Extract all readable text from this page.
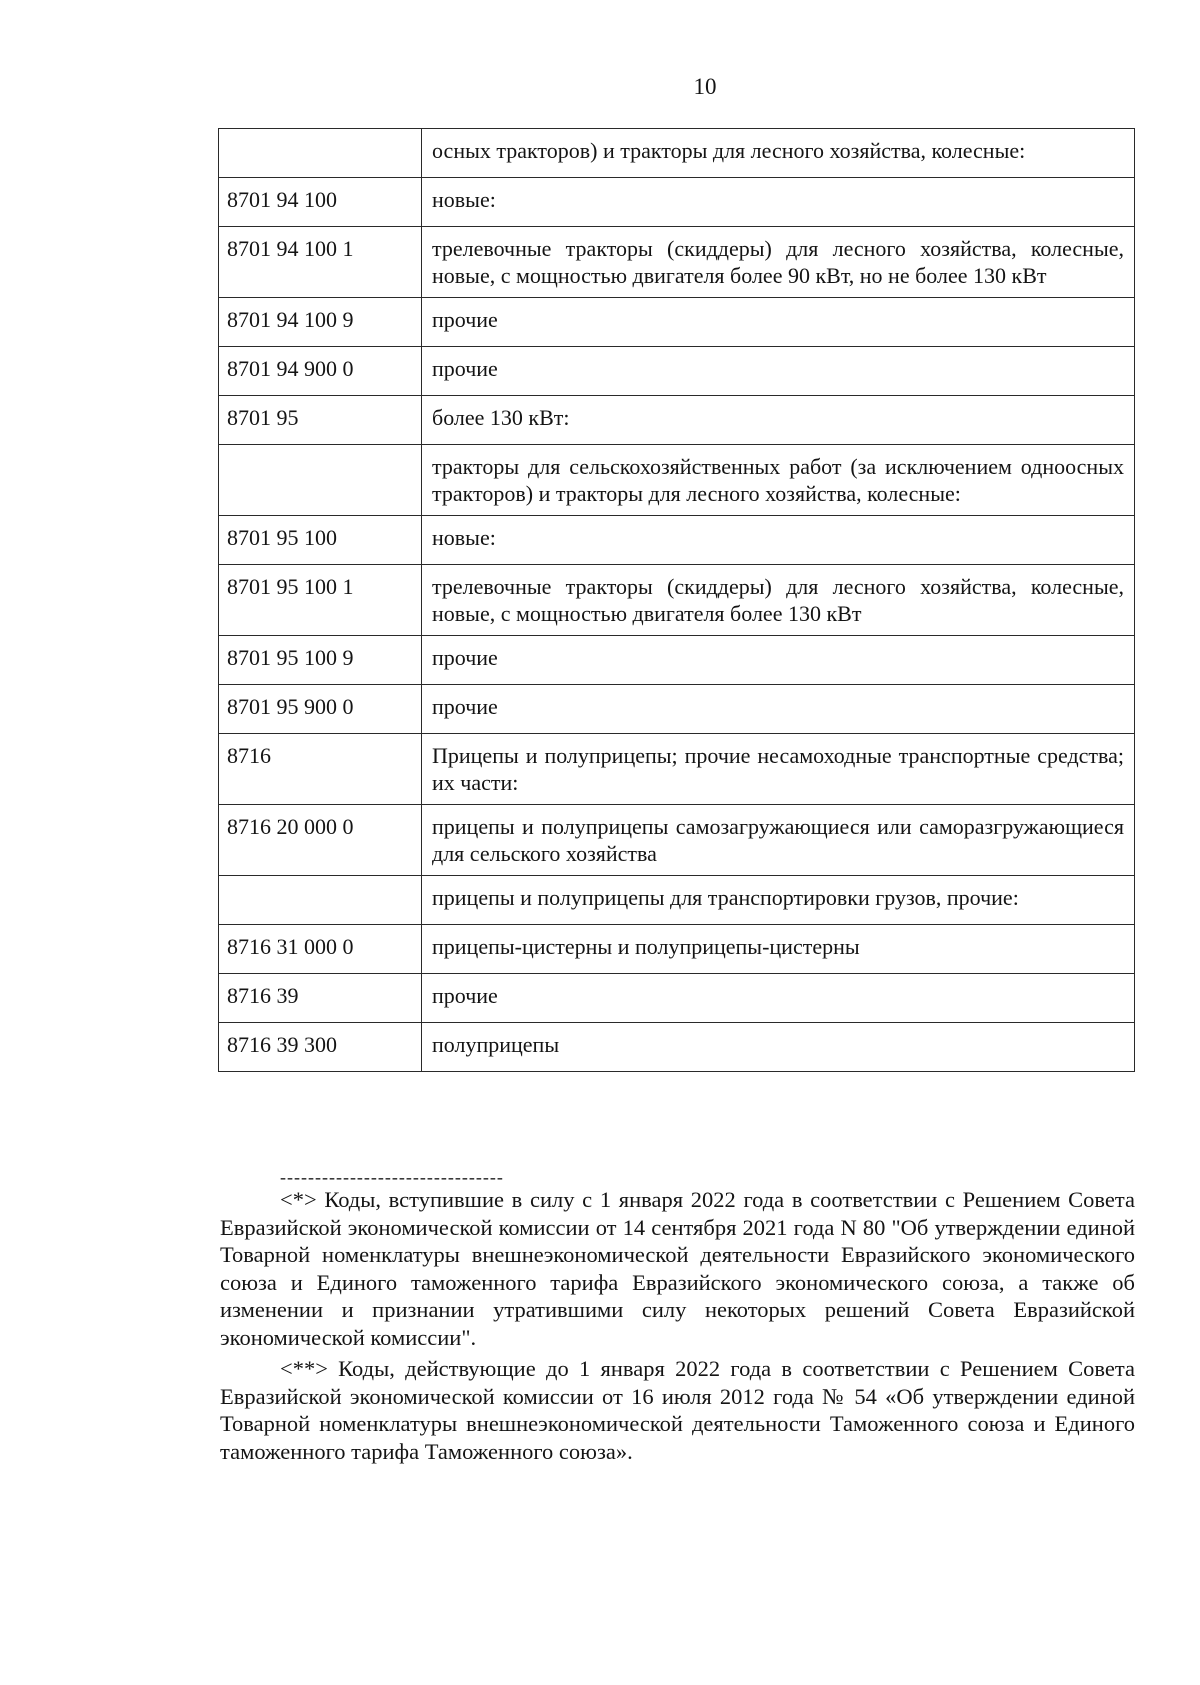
10
	осных тракторов) и тракторы для лесного хозяйства, колесные:
8701 94 100	новые:
8701 94 100 1	трелевочные тракторы (скиддеры) для лесного хозяйства, колесные, новые, с мощностью двигателя более 90 кВт, но не более 130 кВт
8701 94 100 9	прочие
8701 94 900 0	прочие
8701 95	более 130 кВт:
	тракторы для сельскохозяйственных работ (за исключением одноосных тракторов) и тракторы для лесного хозяйства, колесные:
8701 95 100	новые:
8701 95 100 1	трелевочные тракторы (скиддеры) для лесного хозяйства, колесные, новые, с мощностью двигателя более 130 кВт
8701 95 100 9	прочие
8701 95 900 0	прочие
8716	Прицепы и полуприцепы; прочие несамоходные транспортные средства; их части:
8716 20 000 0	прицепы и полуприцепы самозагружающиеся или саморазгружающиеся для сельского хозяйства
	прицепы и полуприцепы для транспортировки грузов, прочие:
8716 31 000 0	прицепы-цистерны и полуприцепы-цистерны
8716 39	прочие
8716 39 300	полуприцепы
--------------------------------

<*> Коды, вступившие в силу с 1 января 2022 года в соответствии с Решением Совета Евразийской экономической комиссии от 14 сентября 2021 года N 80 "Об утверждении единой Товарной номенклатуры внешнеэкономической деятельности Евразийского экономического союза и Единого таможенного тарифа Евразийского экономического союза, а также об изменении и признании утратившими силу некоторых решений Совета Евразийской экономической комиссии".

<**> Коды, действующие до 1 января 2022 года в соответствии с Решением Совета Евразийской экономической комиссии от 16 июля 2012 года № 54 «Об утверждении единой Товарной номенклатуры внешнеэкономической деятельности Таможенного союза и Единого таможенного тарифа Таможенного союза».
